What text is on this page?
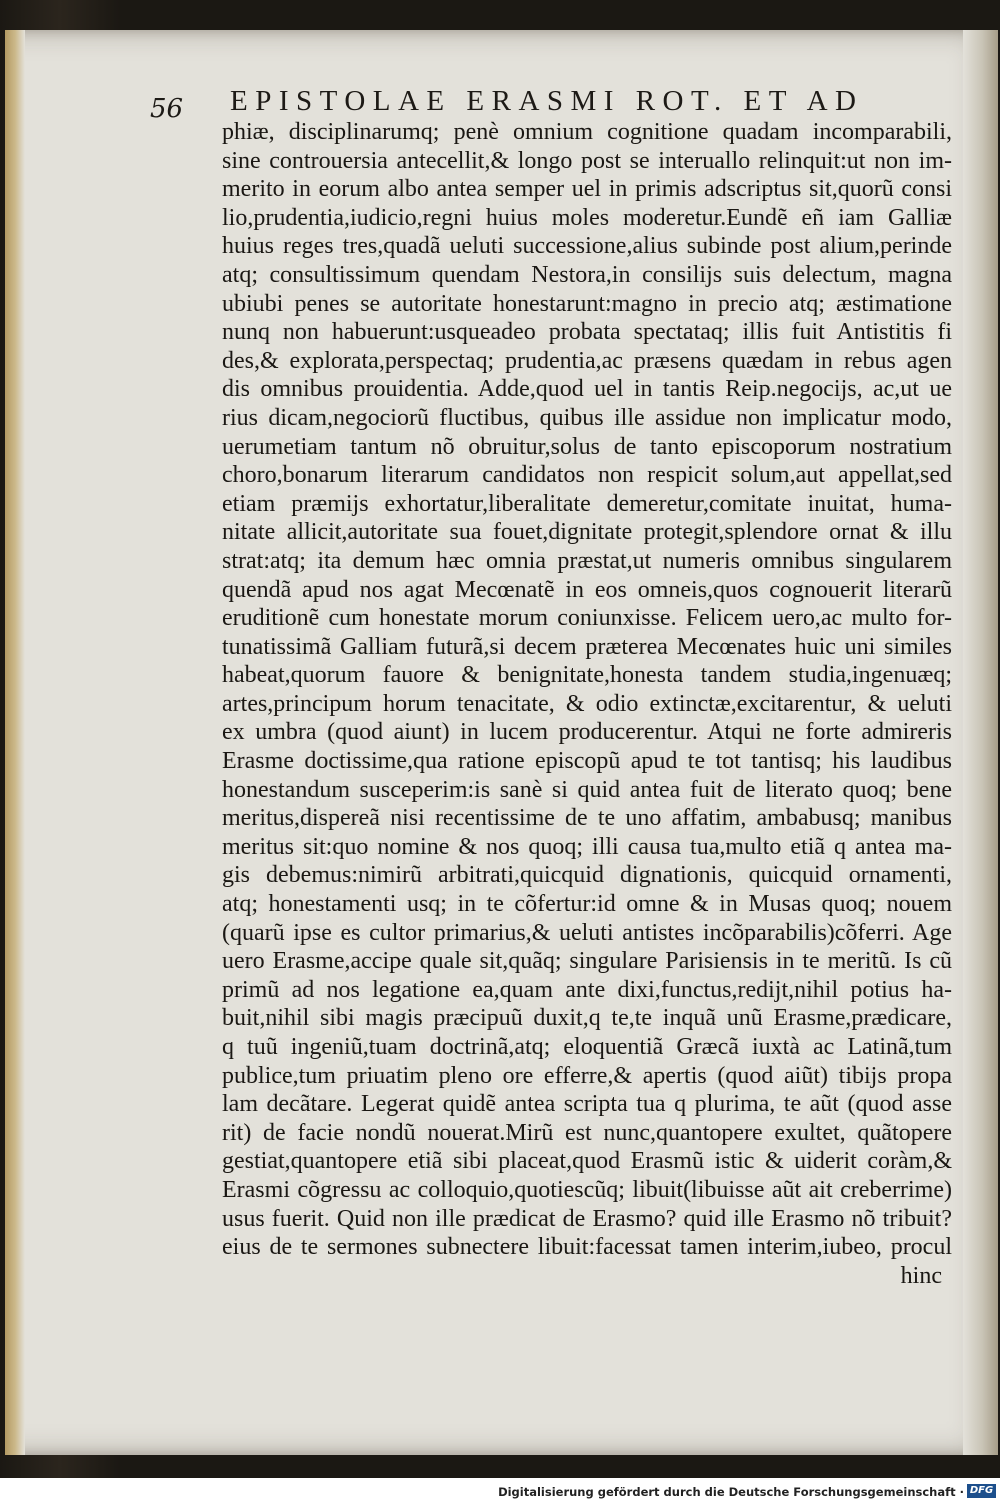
56 EPISTOLAE ERASMI ROT. ET AD
phiæ, disciplinarumq; penè omnium cognitione quadam incomparabili,
sine controuersia antecellit,& longo post se interuallo relinquit:ut non im-
merito in eorum albo antea semper uel in primis adscriptus sit,quorũ consi
lio,prudentia,iudicio,regni huius moles moderetur.Eundẽ eñ iam Galliæ
huius reges tres,quadã ueluti successione,alius subinde post alium,perinde
atq; consultissimum quendam Nestora,in consilijs suis delectum, magna
ubiubi penes se autoritate honestarunt:magno in precio atq; æstimatione
nunq non habuerunt:usqueadeo probata spectataq; illis fuit Antistitis fi
des,& explorata,perspectaq; prudentia,ac præsens quædam in rebus agen
dis omnibus prouidentia. Adde,quod uel in tantis Reip.negocijs, ac,ut ue
rius dicam,negociorũ fluctibus, quibus ille assidue non implicatur modo,
uerumetiam tantum nõ obruitur,solus de tanto episcoporum nostratium
choro,bonarum literarum candidatos non respicit solum,aut appellat,sed
etiam præmijs exhortatur,liberalitate demeretur,comitate inuitat, huma-
nitate allicit,autoritate sua fouet,dignitate protegit,splendore ornat & illu
strat:atq; ita demum hæc omnia præstat,ut numeris omnibus singularem
quendã apud nos agat Mecœnatẽ in eos omneis,quos cognouerit literarũ
eruditionẽ cum honestate morum coniunxisse. Felicem uero,ac multo for-
tunatissimã Galliam futurã,si decem præterea Mecœnates huic uni similes
habeat,quorum fauore & benignitate,honesta tandem studia,ingenuæq;
artes,principum horum tenacitate, & odio extinctæ,excitarentur, & ueluti
ex umbra (quod aiunt) in lucem producerentur. Atqui ne forte admireris
Erasme doctissime,qua ratione episcopũ apud te tot tantisq; his laudibus
honestandum susceperim:is sanè si quid antea fuit de literato quoq; bene
meritus,dispereã nisi recentissime de te uno affatim, ambabusq; manibus
meritus sit:quo nomine & nos quoq; illi causa tua,multo etiã q antea ma-
gis debemus:nimirũ arbitrati,quicquid dignationis, quicquid ornamenti,
atq; honestamenti usq; in te cõfertur:id omne & in Musas quoq; nouem
(quarũ ipse es cultor primarius,& ueluti antistes incõparabilis)cõferri. Age
uero Erasme,accipe quale sit,quãq; singulare Parisiensis in te meritũ. Is cũ
primũ ad nos legatione ea,quam ante dixi,functus,redijt,nihil potius ha-
buit,nihil sibi magis præcipuũ duxit,q te,te inquã unũ Erasme,prædicare,
q tuũ ingeniũ,tuam doctrinã,atq; eloquentiã Græcã iuxtà ac Latinã,tum
publice,tum priuatim pleno ore efferre,& apertis (quod aiũt) tibijs propa
lam decãtare. Legerat quidẽ antea scripta tua q plurima, te aũt (quod asse
rit) de facie nondũ nouerat.Mirũ est nunc,quantopere exultet, quãtopere
gestiat,quantopere etiã sibi placeat,quod Erasmũ istic & uiderit coràm,&
Erasmi cõgressu ac colloquio,quotiescũq; libuit(libuisse aũt ait creberrime)
usus fuerit. Quid non ille prædicat de Erasmo? quid ille Erasmo nõ tribuit?
eius de te sermones subnectere libuit:facessat tamen interim,iubeo, procul
hinc
Digitalisierung gefördert durch die Deutsche Forschungsgemeinschaft · DFG
